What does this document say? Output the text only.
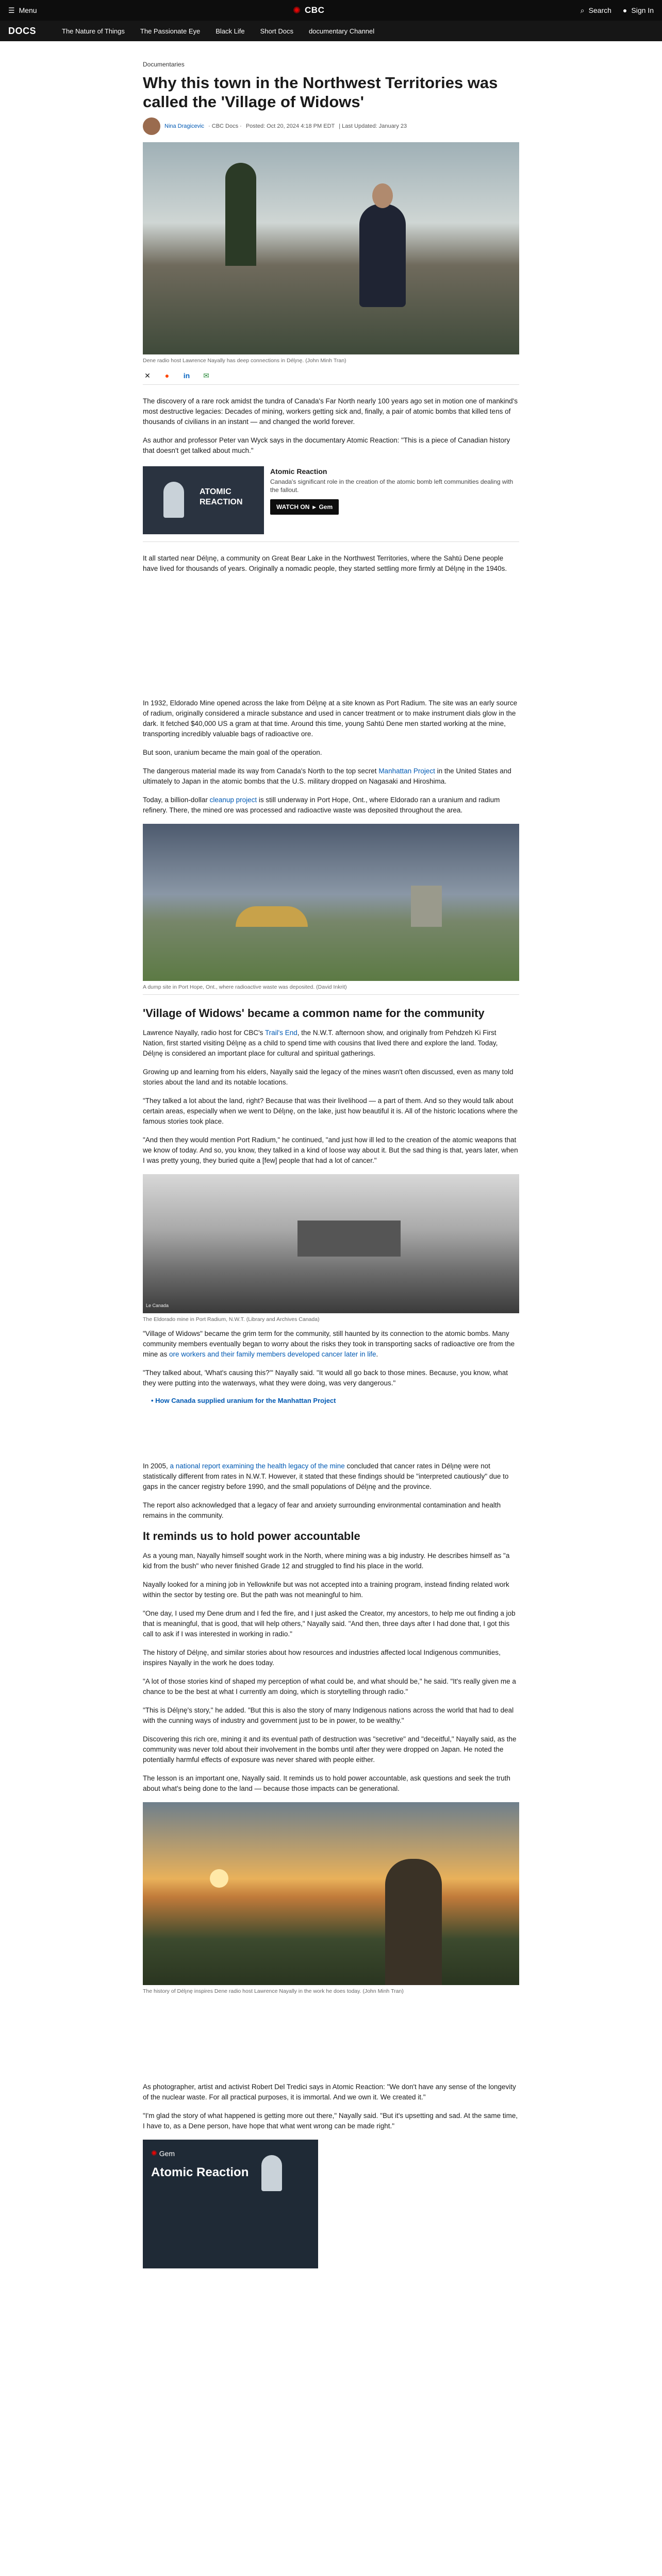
☰ Menu	✺ CBC	⌕ Search ● Sign In
DOCS	The Nature of Things The Passionate Eye Black Life Short Docs documentary Channel
Documentaries
Why this town in the Northwest Territories was called the 'Village of Widows'
Nina Dragicevic · CBC Docs · Posted: Oct 20, 2024 4:18 PM EDT | Last Updated: January 23
Dene radio host Lawrence Nayally has deep connections in Délı̨nę. (John Minh Tran)
✕	●	in ✉

The discovery of a rare rock amidst the tundra of Canada's Far North nearly 100 years ago set in motion one of mankind's most destructive legacies: Decades of mining, workers getting sick and, finally, a pair of atomic bombs that killed tens of thousands of civilians in an instant — and changed the world forever.

As author and professor Peter van Wyck says in the documentary Atomic Reaction: "This is a piece of Canadian history that doesn't get talked about much."

ATOMIC REACTION
Atomic Reaction
Canada's significant role in the creation of the atomic bomb left communities dealing with the fallout.
WATCH ON ▸ Gem

It all started near Délı̨nę, a community on Great Bear Lake in the Northwest Territories, where the Sahtú Dene people have lived for thousands of years. Originally a nomadic people, they started settling more firmly at Délı̨nę in the 1940s.

In 1932, Eldorado Mine opened across the lake from Délı̨nę at a site known as Port Radium. The site was an early source of radium, originally considered a miracle substance and used in cancer treatment or to make instrument dials glow in the dark. It fetched $40,000 US a gram at that time. Around this time, young Sahtú Dene men started working at the mine, transporting incredibly valuable bags of radioactive ore.

But soon, uranium became the main goal of the operation.

The dangerous material made its way from Canada's North to the top secret Manhattan Project in the United States and ultimately to Japan in the atomic bombs that the U.S. military dropped on Nagasaki and Hiroshima.

Today, a billion-dollar cleanup project is still underway in Port Hope, Ont., where Eldorado ran a uranium and radium refinery. There, the mined ore was processed and radioactive waste was deposited throughout the area.

A dump site in Port Hope, Ont., where radioactive waste was deposited. (David Inkrit)
'Village of Widows' became a common name for the community

Lawrence Nayally, radio host for CBC's Trail's End, the N.W.T. afternoon show, and originally from Pehdzeh Ki First Nation, first started visiting Délı̨nę as a child to spend time with cousins that lived there and explore the land. Today, Délı̨nę is considered an important place for cultural and spiritual gatherings.

Growing up and learning from his elders, Nayally said the legacy of the mines wasn't often discussed, even as many told stories about the land and its notable locations.

"They talked a lot about the land, right? Because that was their livelihood — a part of them. And so they would talk about certain areas, especially when we went to Délı̨nę, on the lake, just how beautiful it is. All of the historic locations where the famous stories took place.

"And then they would mention Port Radium," he continued, "and just how ill led to the creation of the atomic weapons that we know of today. And so, you know, they talked in a kind of loose way about it. But the sad thing is that, years later, when I was pretty young, they buried quite a [few] people that had a lot of cancer."

Le Canada
The Eldorado mine in Port Radium, N.W.T. (Library and Archives Canada)

"Village of Widows" became the grim term for the community, still haunted by its connection to the atomic bombs. Many community members eventually began to worry about the risks they took in transporting sacks of radioactive ore from the mine as ore workers and their family members developed cancer later in life.

"They talked about, 'What's causing this?'" Nayally said. "It would all go back to those mines. Because, you know, what they were putting into the waterways, what they were doing, was very dangerous."

• How Canada supplied uranium for the Manhattan Project

In 2005, a national report examining the health legacy of the mine concluded that cancer rates in Délı̨nę were not statistically different from rates in N.W.T. However, it stated that these findings should be "interpreted cautiously" due to gaps in the cancer registry before 1990, and the small populations of Délı̨nę and the province.

The report also acknowledged that a legacy of fear and anxiety surrounding environmental contamination and health remains in the community.

It reminds us to hold power accountable

As a young man, Nayally himself sought work in the North, where mining was a big industry. He describes himself as "a kid from the bush" who never finished Grade 12 and struggled to find his place in the world.

Nayally looked for a mining job in Yellowknife but was not accepted into a training program, instead finding related work within the sector by testing ore. But the path was not meaningful to him.

"One day, I used my Dene drum and I fed the fire, and I just asked the Creator, my ancestors, to help me out finding a job that is meaningful, that is good, that will help others," Nayally said. "And then, three days after I had done that, I got this call to ask if I was interested in working in radio."

The history of Délı̨nę, and similar stories about how resources and industries affected local Indigenous communities, inspires Nayally in the work he does today.

"A lot of those stories kind of shaped my perception of what could be, and what should be," he said. "It's really given me a chance to be the best at what I currently am doing, which is storytelling through radio."

"This is Délı̨nę's story," he added. "But this is also the story of many Indigenous nations across the world that had to deal with the cunning ways of industry and government just to be in power, to be wealthy."

Discovering this rich ore, mining it and its eventual path of destruction was "secretive" and "deceitful," Nayally said, as the community was never told about their involvement in the bombs until after they were dropped on Japan. He noted the potentially harmful effects of exposure was never shared with people either.

The lesson is an important one, Nayally said. It reminds us to hold power accountable, ask questions and seek the truth about what's being done to the land — because those impacts can be generational.

The history of Délı̨nę inspires Dene radio host Lawrence Nayally in the work he does today. (John Minh Tran)

As photographer, artist and activist Robert Del Tredici says in Atomic Reaction: "We don't have any sense of the longevity of the nuclear waste. For all practical purposes, it is immortal. And we own it. We created it."

"I'm glad the story of what happened is getting more out there," Nayally said. "But it's upsetting and sad. At the same time, I have to, as a Dene person, have hope that what went wrong can be made right."

✺ Gem
Atomic Reaction
